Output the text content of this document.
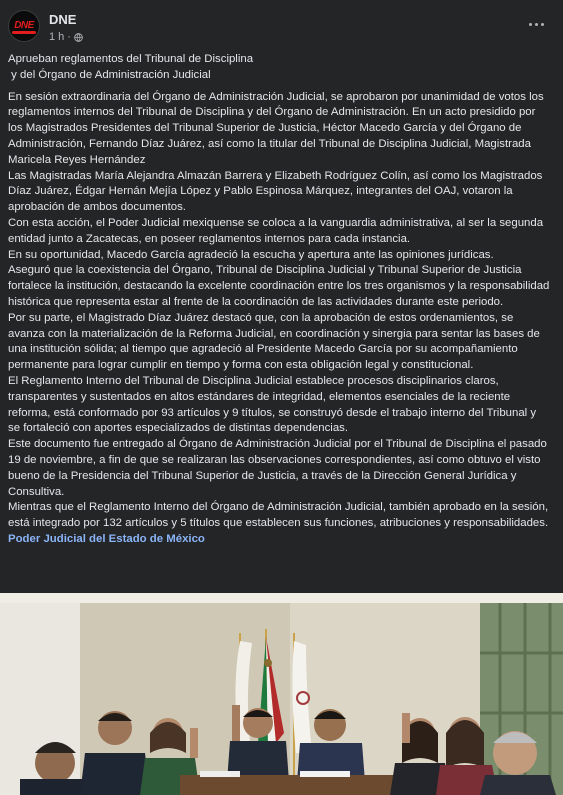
DNE	DNE
1 h ·
Aprueban reglamentos del Tribunal de Disciplina
y del Órgano de Administración Judicial
En sesión extraordinaria del Órgano de Administración Judicial, se aprobaron por unanimidad de votos los reglamentos internos del Tribunal de Disciplina y del Órgano de Administración. En un acto presidido por los Magistrados Presidentes del Tribunal Superior de Justicia, Héctor Macedo García y del Órgano de Administración, Fernando Díaz Juárez, así como la titular del Tribunal de Disciplina Judicial, Magistrada Maricela Reyes Hernández
Las Magistradas María Alejandra Almazán Barrera y Elizabeth Rodríguez Colín, así como los Magistrados Díaz Juárez, Édgar Hernán Mejía López y Pablo Espinosa Márquez, integrantes del OAJ, votaron la aprobación de ambos documentos.
Con esta acción, el Poder Judicial mexiquense se coloca a la vanguardia administrativa, al ser la segunda entidad junto a Zacatecas, en poseer reglamentos internos para cada instancia.
En su oportunidad, Macedo García agradeció la escucha y apertura ante las opiniones jurídicas.
Aseguró que la coexistencia del Órgano, Tribunal de Disciplina Judicial y Tribunal Superior de Justicia fortalece la institución, destacando la excelente coordinación entre los tres organismos y la responsabilidad histórica que representa estar al frente de la coordinación de las actividades durante este periodo.
Por su parte, el Magistrado Díaz Juárez destacó que, con la aprobación de estos ordenamientos, se avanza con la materialización de la Reforma Judicial, en coordinación y sinergia para sentar las bases de una institución sólida; al tiempo que agradeció al Presidente Macedo García por su acompañamiento permanente para lograr cumplir en tiempo y forma con esta obligación legal y constitucional.
El Reglamento Interno del Tribunal de Disciplina Judicial establece procesos disciplinarios claros, transparentes y sustentados en altos estándares de integridad, elementos esenciales de la reciente reforma, está conformado por 93 artículos y 9 títulos, se construyó desde el trabajo interno del Tribunal y se fortaleció con aportes especializados de distintas dependencias.
Este documento fue entregado al Órgano de Administración Judicial por el Tribunal de Disciplina el pasado 19 de noviembre, a fin de que se realizaran las observaciones correspondientes, así como obtuvo el visto bueno de la Presidencia del Tribunal Superior de Justicia, a través de la Dirección General Jurídica y Consultiva.
Mientras que el Reglamento Interno del Órgano de Administración Judicial, también aprobado en la sesión, está integrado por 132 artículos y 5 títulos que establecen sus funciones, atribuciones y responsabilidades. Poder Judicial del Estado de México
